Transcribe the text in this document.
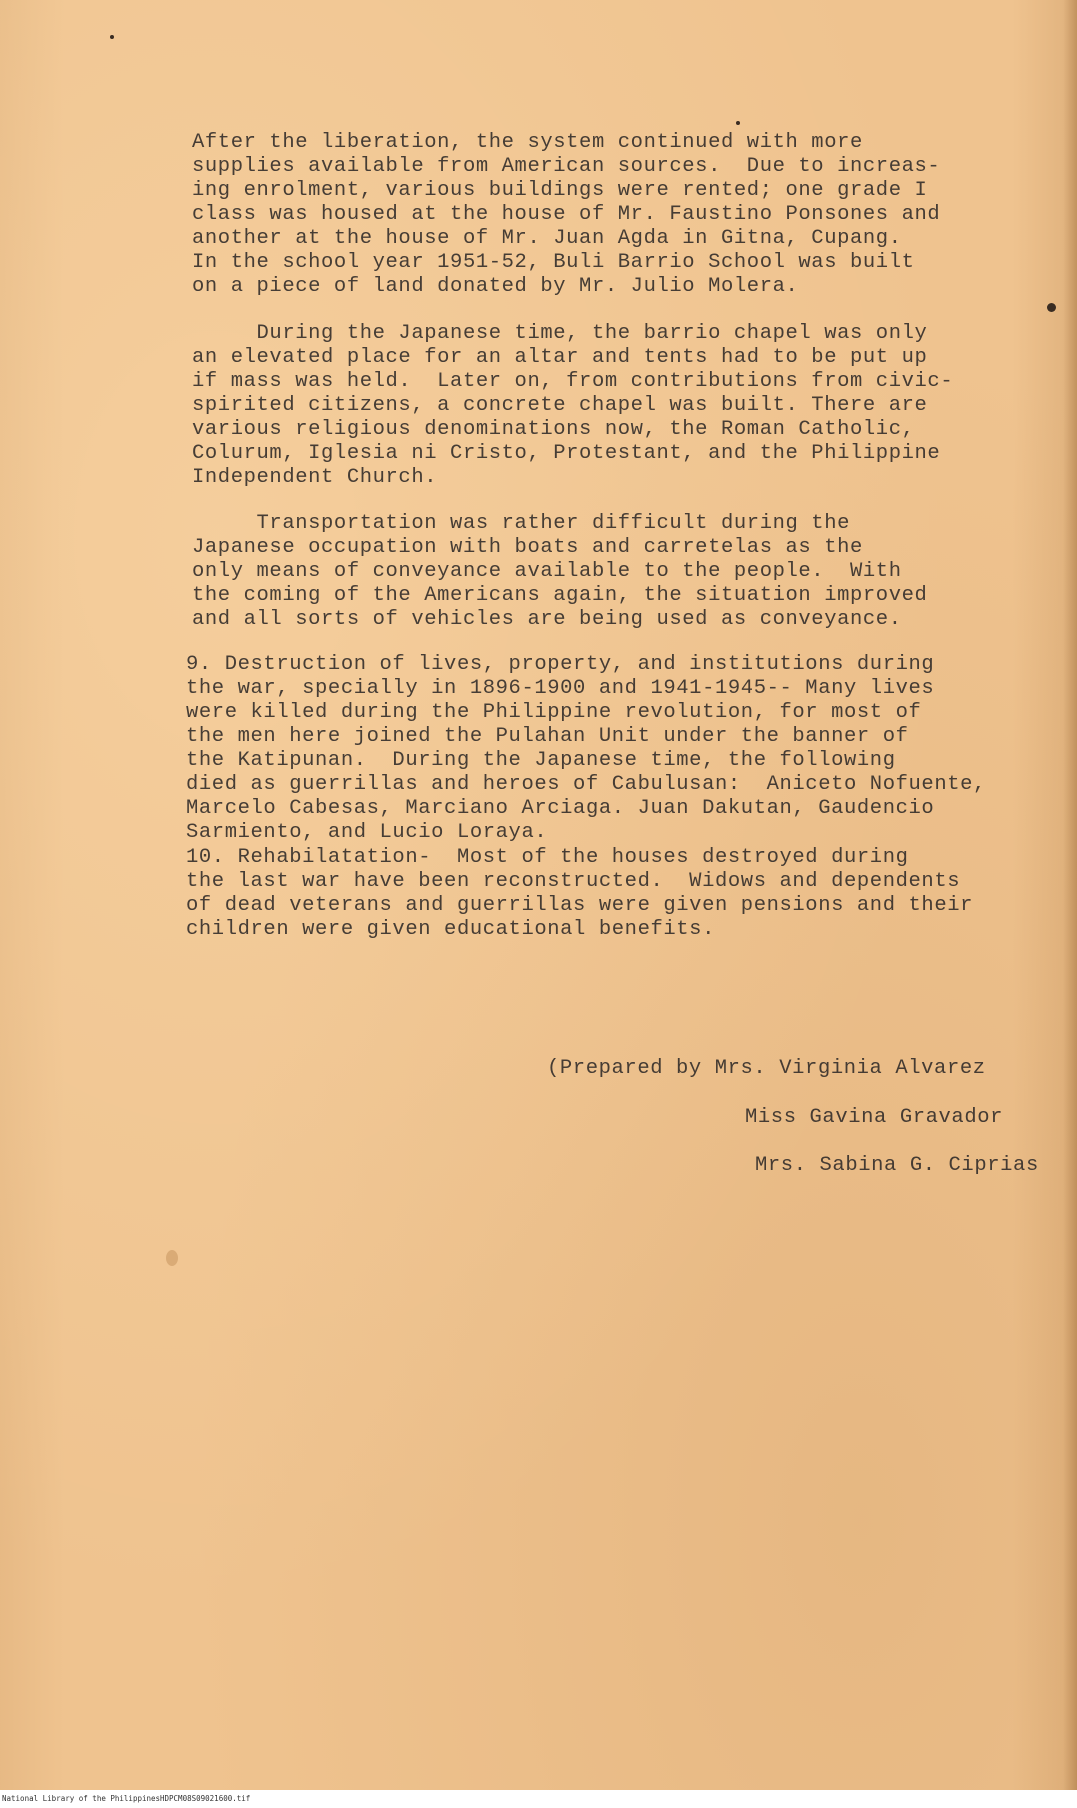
After the liberation, the system continued with more
supplies available from American sources.  Due to increas-
ing enrolment, various buildings were rented; one grade I
class was housed at the house of Mr. Faustino Ponsones and
another at the house of Mr. Juan Agda in Gitna, Cupang.
In the school year 1951-52, Buli Barrio School was built
on a piece of land donated by Mr. Julio Molera.

During the Japanese time, the barrio chapel was only
an elevated place for an altar and tents had to be put up
if mass was held.  Later on, from contributions from civic-
spirited citizens, a concrete chapel was built. There are
various religious denominations now, the Roman Catholic,
Colurum, Iglesia ni Cristo, Protestant, and the Philippine
Independent Church.

Transportation was rather difficult during the
Japanese occupation with boats and carretelas as the
only means of conveyance available to the people.  With
the coming of the Americans again, the situation improved
and all sorts of vehicles are being used as conveyance.

9. Destruction of lives, property, and institutions during
the war, specially in 1896-1900 and 1941-1945-- Many lives
were killed during the Philippine revolution, for most of
the men here joined the Pulahan Unit under the banner of
the Katipunan.  During the Japanese time, the following
died as guerrillas and heroes of Cabulusan:  Aniceto Nofuente,
Marcelo Cabesas, Marciano Arciaga. Juan Dakutan, Gaudencio
Sarmiento, and Lucio Loraya.

10. Rehabilatation-  Most of the houses destroyed during
the last war have been reconstructed.  Widows and dependents
of dead veterans and guerrillas were given pensions and their
children were given educational benefits.

(Prepared by Mrs. Virginia Alvarez

Miss Gavina Gravador

Mrs. Sabina G. Ciprias

National Library of the Philippines HDPCM08S09021600.tif
